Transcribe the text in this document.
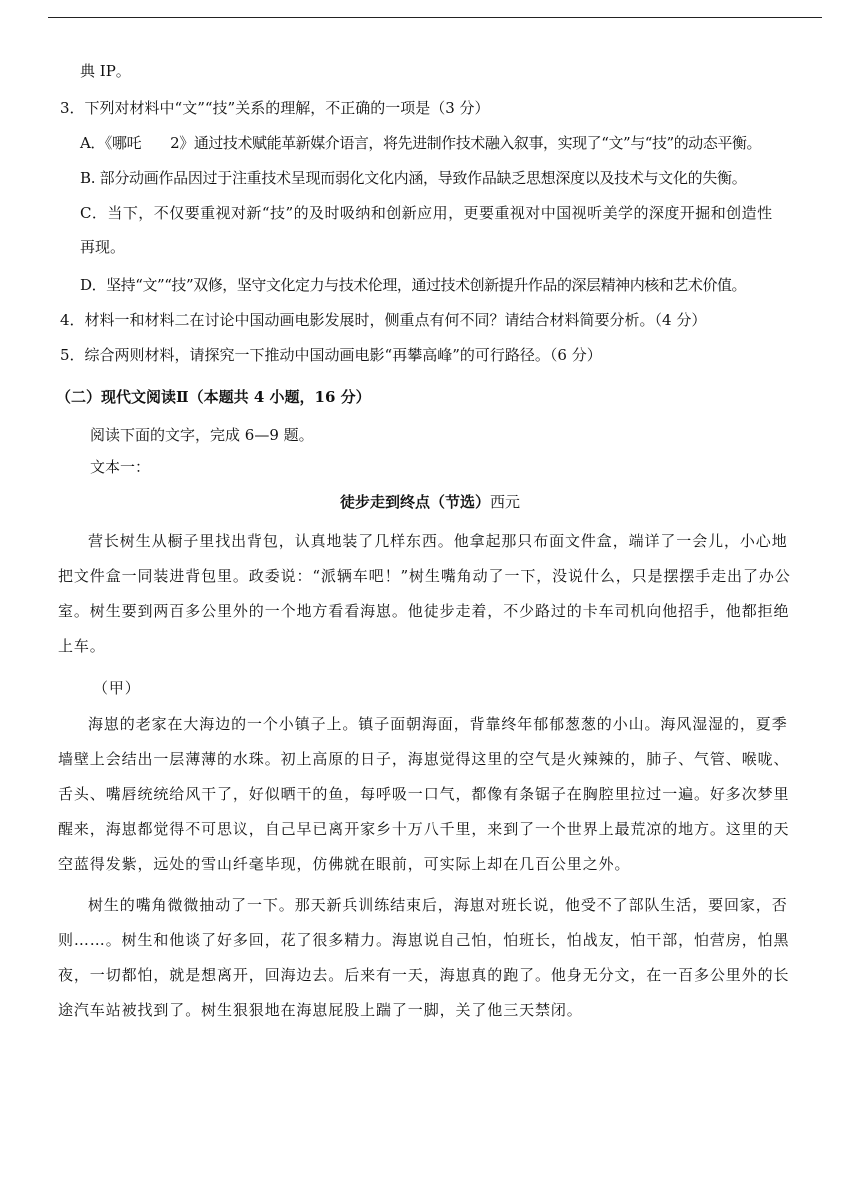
典 IP。
3．下列对材料中“文”“技”关系的理解，不正确的一项是（3 分）
A．《哪吒　　2》通过技术赋能革新媒介语言，将先进制作技术融入叙事，实现了“文”与“技”的动态平衡。
B. 部分动画作品因过于注重技术呈现而弱化文化内涵，导致作品缺乏思想深度以及技术与文化的失衡。
C．当下，不仅要重视对新“技”的及时吸纳和创新应用，更要重视对中国视听美学的深度开掘和创造性
再现。
D．坚持“文”“技”双修，坚守文化定力与技术伦理，通过技术创新提升作品的深层精神内核和艺术价值。
4．材料一和材料二在讨论中国动画电影发展时，侧重点有何不同？请结合材料简要分析。（4 分）
5．综合两则材料，请探究一下推动中国动画电影“再攀高峰”的可行路径。（6 分）
（二）现代文阅读Ⅱ（本题共 4 小题，16 分）
阅读下面的文字，完成 6—9 题。
文本一：
徒步走到终点（节选）西元
营长树生从橱子里找出背包，认真地装了几样东西。他拿起那只布面文件盒，端详了一会儿，小心地
把文件盒一同装进背包里。政委说：“派辆车吧！”树生嘴角动了一下，没说什么，只是摆摆手走出了办公
室。树生要到两百多公里外的一个地方看看海崽。他徒步走着，不少路过的卡车司机向他招手，他都拒绝
上车。
（甲）
海崽的老家在大海边的一个小镇子上。镇子面朝海面，背靠终年郁郁葱葱的小山。海风湿湿的，夏季
墙壁上会结出一层薄薄的水珠。初上高原的日子，海崽觉得这里的空气是火辣辣的，肺子、气管、喉咙、
舌头、嘴唇统统给风干了，好似晒干的鱼，每呼吸一口气，都像有条锯子在胸腔里拉过一遍。好多次梦里
醒来，海崽都觉得不可思议，自己早已离开家乡十万八千里，来到了一个世界上最荒凉的地方。这里的天
空蓝得发紫，远处的雪山纤毫毕现，仿佛就在眼前，可实际上却在几百公里之外。
树生的嘴角微微抽动了一下。那天新兵训练结束后，海崽对班长说，他受不了部队生活，要回家，否
则……。树生和他谈了好多回，花了很多精力。海崽说自己怕，怕班长，怕战友，怕干部，怕营房，怕黑
夜，一切都怕，就是想离开，回海边去。后来有一天，海崽真的跑了。他身无分文，在一百多公里外的长
途汽车站被找到了。树生狠狠地在海崽屁股上踹了一脚，关了他三天禁闭。
